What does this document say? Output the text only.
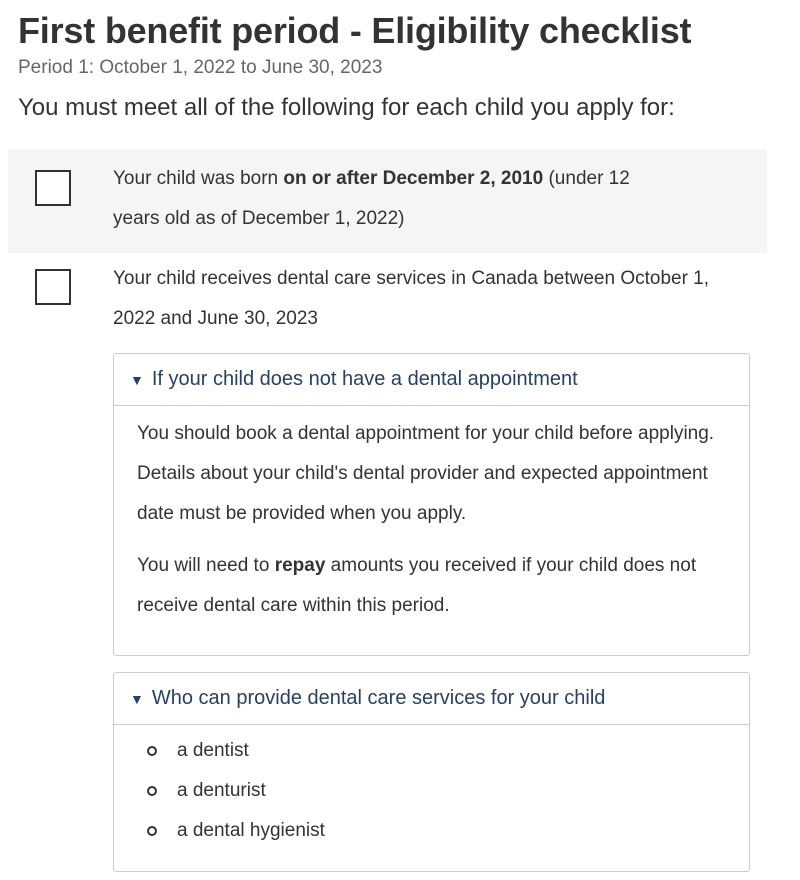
First benefit period - Eligibility checklist
Period 1: October 1, 2022 to June 30, 2023
You must meet all of the following for each child you apply for:
Your child was born on or after December 2, 2010 (under 12 years old as of December 1, 2022)
Your child receives dental care services in Canada between October 1, 2022 and June 30, 2023
▼ If your child does not have a dental appointment

You should book a dental appointment for your child before applying. Details about your child's dental provider and expected appointment date must be provided when you apply.

You will need to repay amounts you received if your child does not receive dental care within this period.

▼ Who can provide dental care services for your child
a dentist
a denturist
a dental hygienist
